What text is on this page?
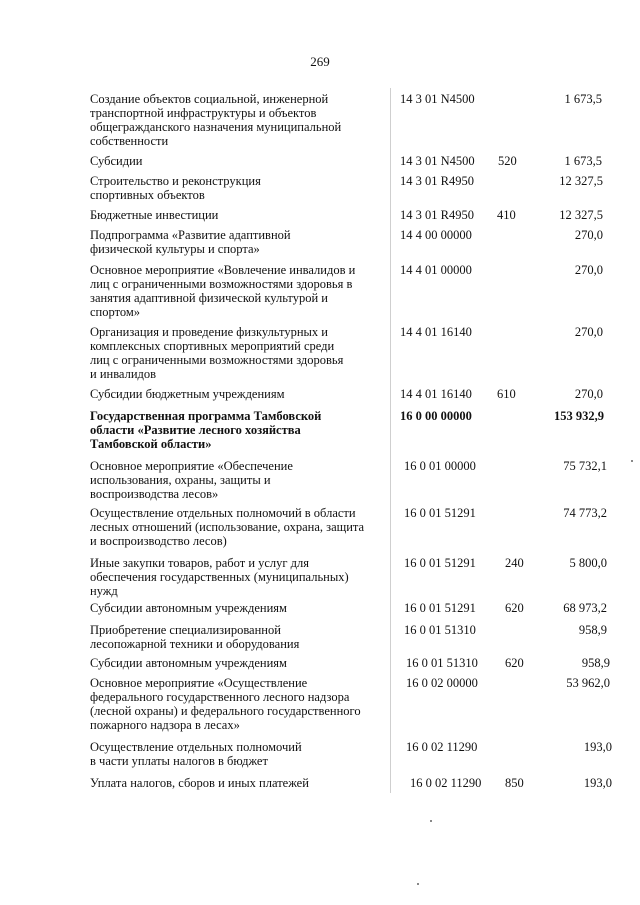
269
Создание объектов социальной, инженерной
транспортной инфраструктуры и объектов
общегражданского назначения муниципальной
собственности
14 3 01 N4500	1 673,5
Субсидии	14 3 01 N4500 520	1 673,5
Строительство и реконструкция
спортивных объектов
14 3 01 R4950	12 327,5
Бюджетные инвестиции	14 3 01 R4950 410	12 327,5
Подпрограмма «Развитие адаптивной
физической культуры и спорта»
14 4 00 00000	270,0
Основное мероприятие «Вовлечение инвалидов и
лиц с ограниченными возможностями здоровья в
занятия адаптивной физической культурой и
спортом»
14 4 01 00000	270,0
Организация и проведение физкультурных и
комплексных спортивных мероприятий среди
лиц с ограниченными возможностями здоровья
и инвалидов
14 4 01 16140	270,0
Субсидии бюджетным учреждениям	14 4 01 16140 610	270,0
Государственная программа Тамбовской
области «Развитие лесного хозяйства
Тамбовской области»
16 0 00 00000	153 932,9
Основное мероприятие «Обеспечение
использования, охраны, защиты и
воспроизводства лесов»
16 0 01 00000	75 732,1
Осуществление отдельных полномочий в области
лесных отношений (использование, охрана, защита
и воспроизводство лесов)
16 0 01 51291	74 773,2
Иные закупки товаров, работ и услуг для
обеспечения государственных (муниципальных)
нужд
16 0 01 51291 240	5 800,0
Субсидии автономным учреждениям	16 0 01 51291 620	68 973,2
Приобретение специализированной
лесопожарной техники и оборудования
16 0 01 51310	958,9
Субсидии автономным учреждениям	16 0 01 51310 620	958,9
Основное мероприятие «Осуществление
федерального государственного лесного надзора
(лесной охраны) и федерального государственного
пожарного надзора в лесах»
16 0 02 00000	53 962,0
Осуществление отдельных полномочий
в части уплаты налогов в бюджет
16 0 02 11290	193,0
Уплата налогов, сборов и иных платежей	16 0 02 11290 850	193,0
